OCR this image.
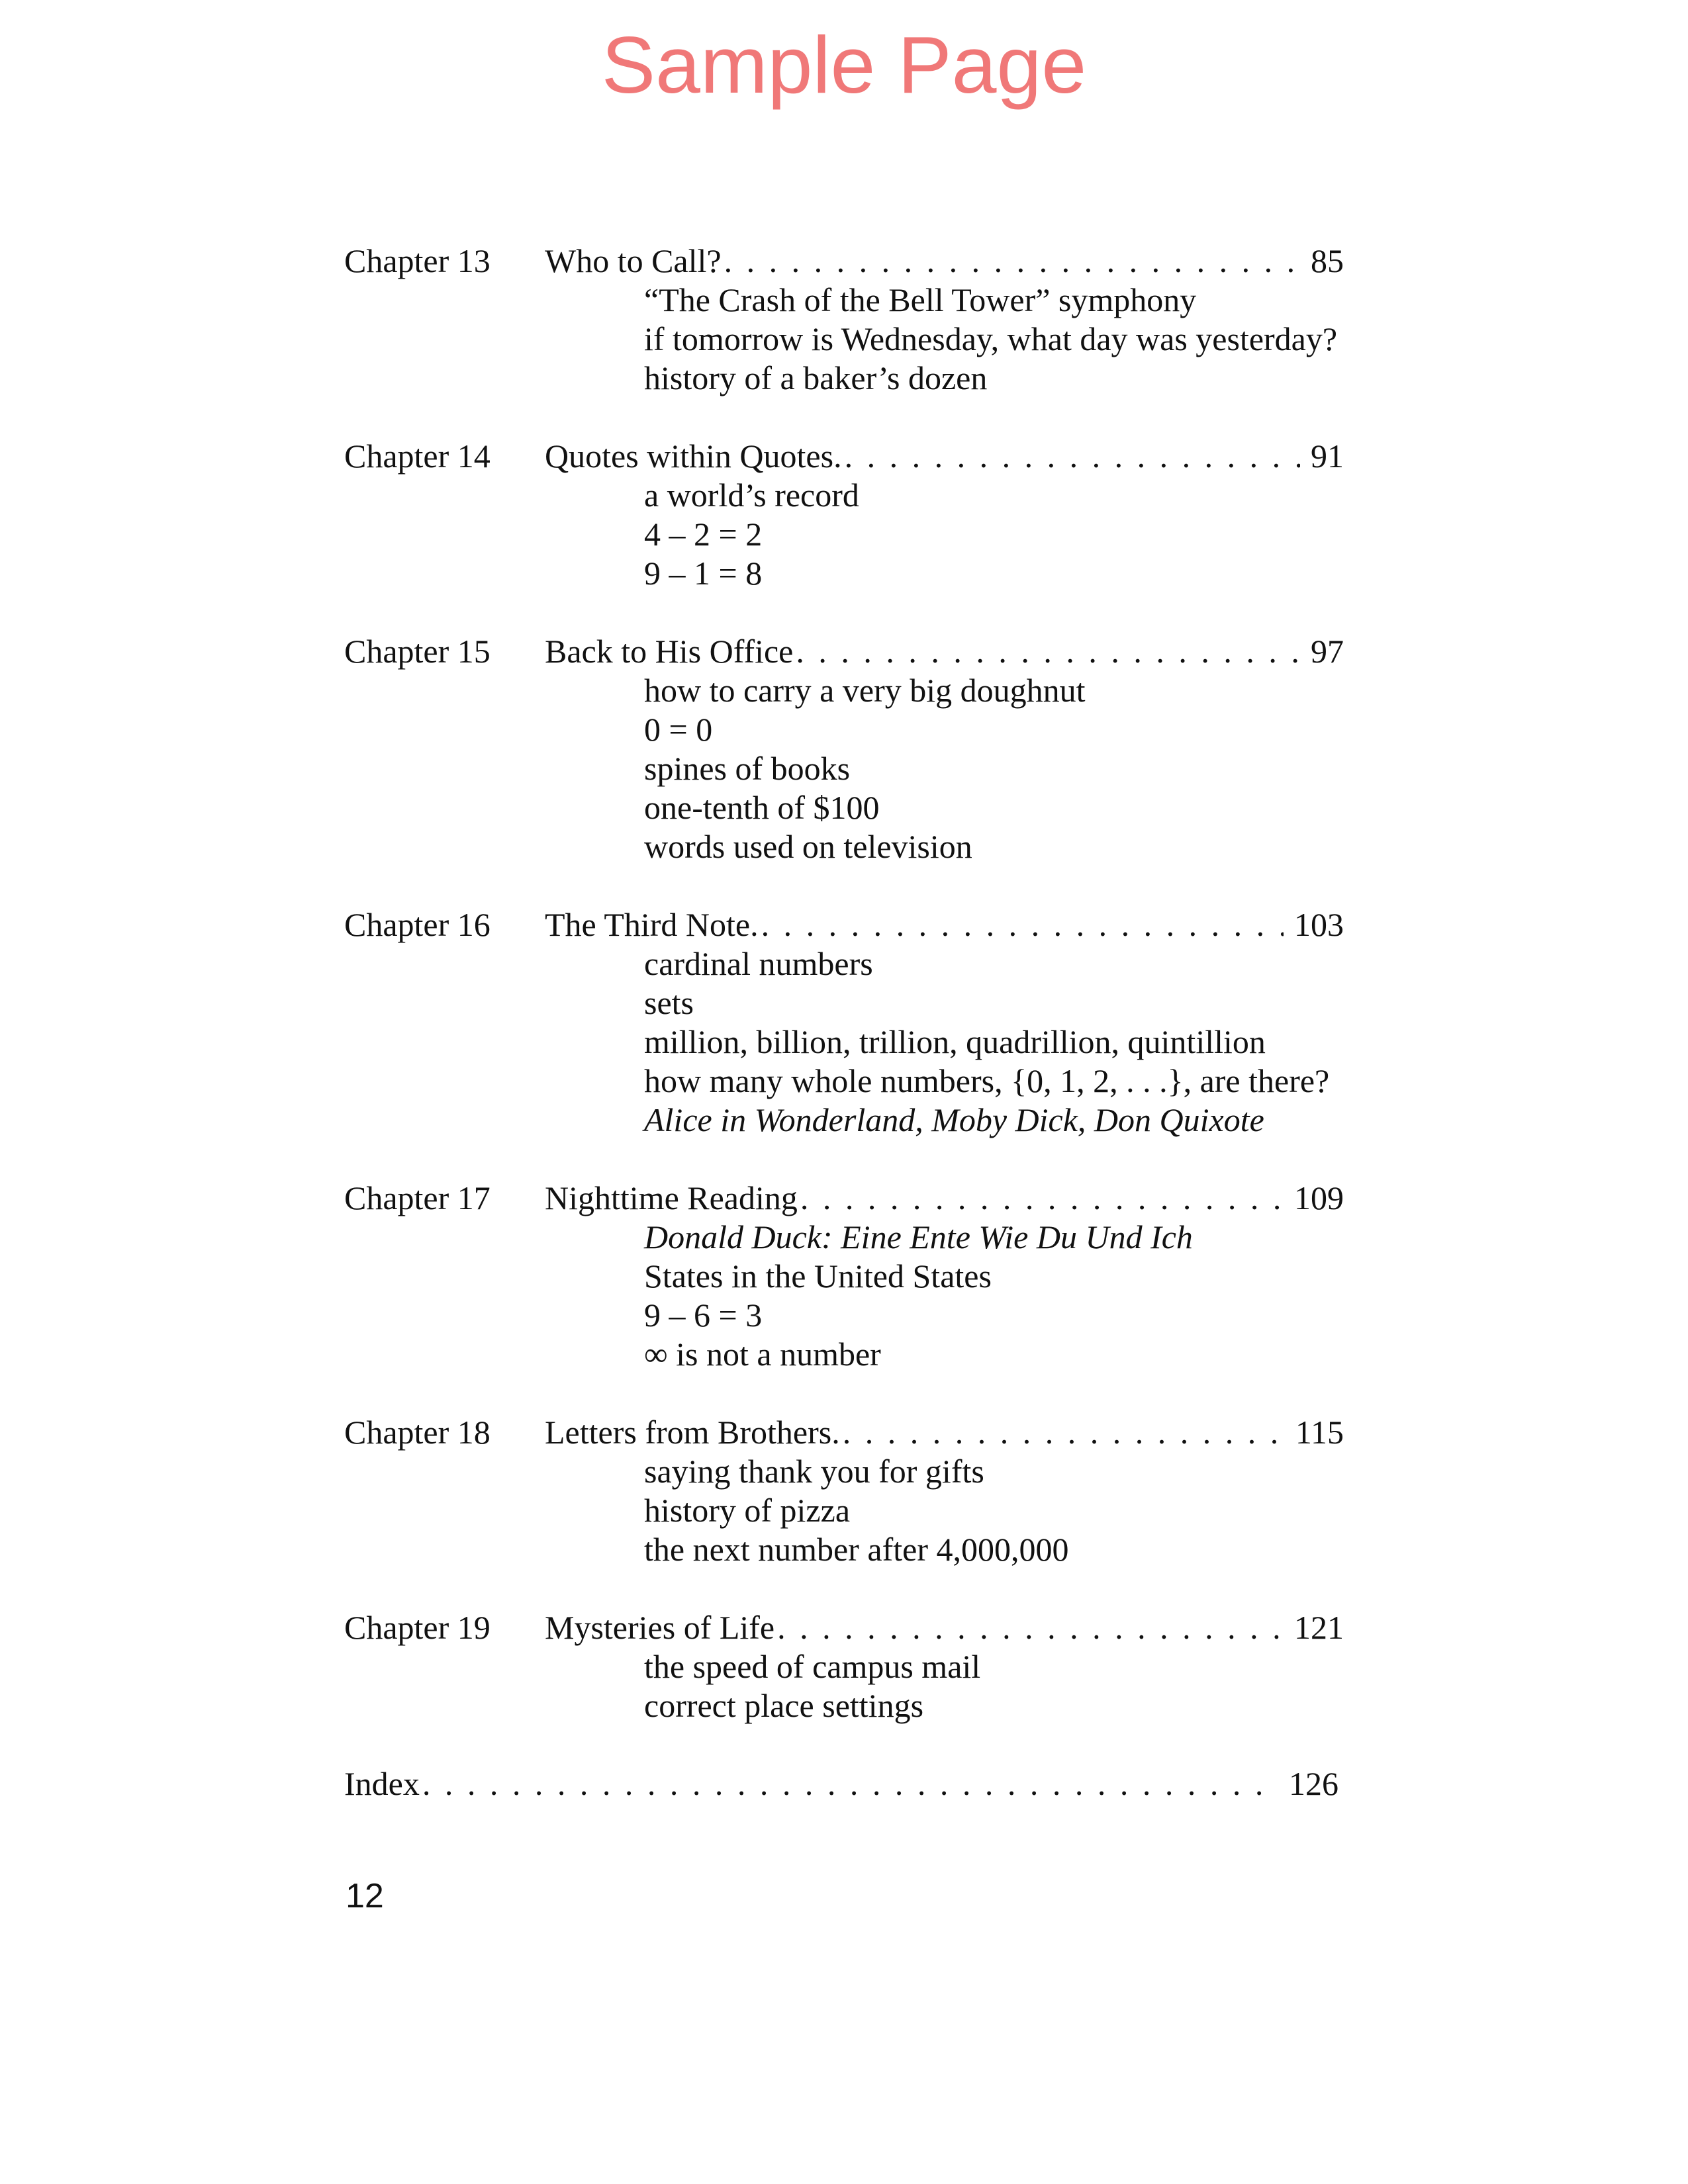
Sample Page
Chapter 13 Who to Call? . . .	85
“The Crash of the Bell Tower” symphony
if tomorrow is Wednesday, what day was yesterday?
history of a baker’s dozen
Chapter 14 Quotes within Quotes. . . .	91
a world’s record
4 – 2 = 2
9 – 1 = 8
Chapter 15 Back to His Office . . .	97
how to carry a very big doughnut
0 = 0
spines of books
one-tenth of $100
words used on television
Chapter 16 The Third Note. . . .	103
cardinal numbers
sets
million, billion, trillion, quadrillion, quintillion
how many whole numbers, {0, 1, 2, . . .}, are there?
Alice in Wonderland, Moby Dick, Don Quixote
Chapter 17 Nighttime Reading . . .	109
Donald Duck: Eine Ente Wie Du Und Ich
States in the United States
9 – 6 = 3
∞ is not a number
Chapter 18 Letters from Brothers. . . .	115
saying thank you for gifts
history of pizza
the next number after 4,000,000
Chapter 19 Mysteries of Life . . .	121
the speed of campus mail
correct place settings
Index . . .	126
12
